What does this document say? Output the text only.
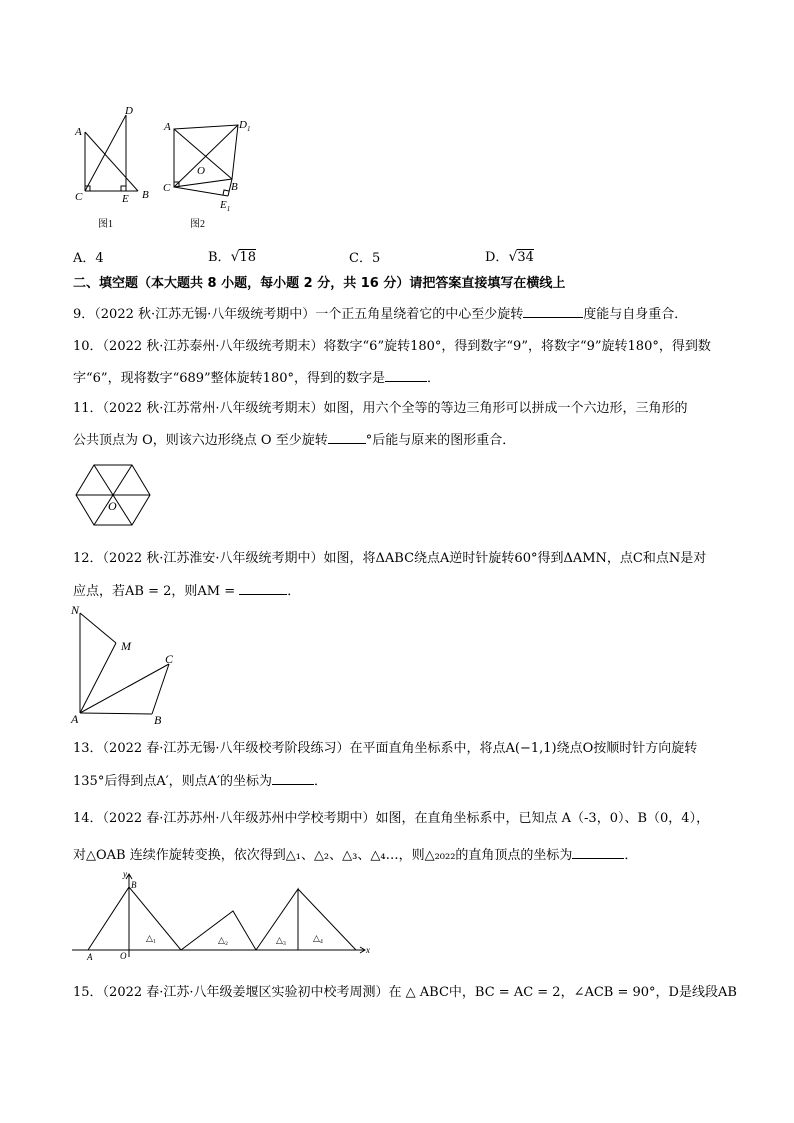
A
D
C	E B
图1
A	$D_1$
O
C	B
$E_1$
图2
A．4	B．√18	C．5	D．√34
二、填空题（本大题共 8 小题，每小题 2 分，共 16 分）请把答案直接填写在横线上
9．（2022 秋·江苏无锡·八年级统考期中）一个正五角星绕着它的中心至少旋转	度能与自身重合．
10．（2022 秋·江苏泰州·八年级统考期末）将数字“6”旋转180°，得到数字“9”，将数字“9”旋转180°，得到数
字“6”，现将数字“689”整体旋转180°，得到的数字是	．
11．（2022 秋·江苏常州·八年级统考期末）如图，用六个全等的等边三角形可以拼成一个六边形，三角形的
公共顶点为 O，则该六边形绕点 O 至少旋转	°后能与原来的图形重合．
O
12．（2022 秋·江苏淮安·八年级统考期中）如图，将ΔABC绕点A逆时针旋转60°得到ΔAMN，点C和点N是对
应点，若AB = 2，则AM =	．
N
M
C
A	B
13．（2022 春·江苏无锡·八年级校考阶段练习）在平面直角坐标系中，将点A(−1,1)绕点O按顺时针方向旋转
135°后得到点A′，则点A′的坐标为	．
14．（2022 春·江苏苏州·八年级苏州中学校考期中）如图，在直角坐标系中，已知点 A（-3，0）、B（0，4），
对△OAB 连续作旋转变换，依次得到△₁、△₂、△₃、△₄…，则△₂₀₂₂的直角顶点的坐标为	．
y
B
A	O
x
△₁	△₂	△₃	△₄
15．（2022 春·江苏·八年级姜堰区实验初中校考周测）在 △ ABC中，BC = AC = 2，∠ACB = 90°，D是线段AB
